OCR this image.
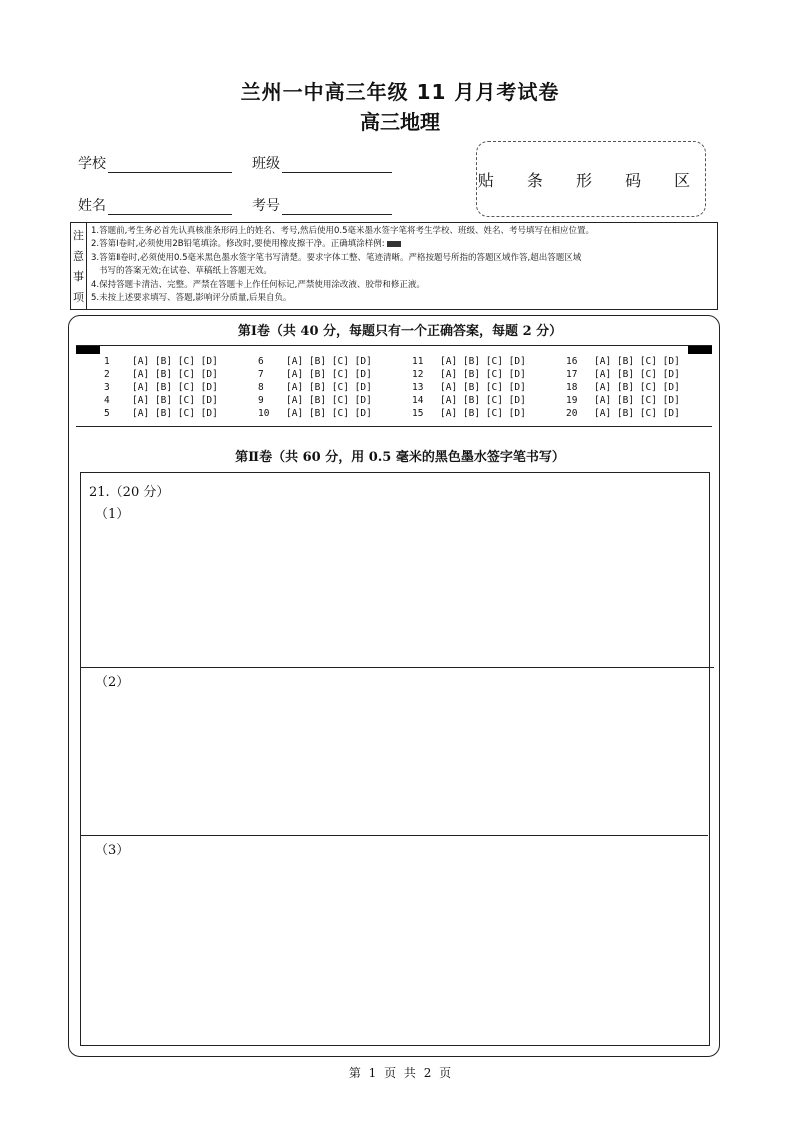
兰州一中高三年级 11 月月考试卷
高三地理
学校	班级
姓名	考号
贴 条 形 码 区
注
意
事
项
1.答题前,考生务必首先认真核准条形码上的姓名、考号,然后使用0.5毫米墨水签字笔将考生学校、班级、姓名、考号填写在相应位置。
2.答第Ⅰ卷时,必须使用2B铅笔填涂。修改时,要使用橡皮擦干净。正确填涂样例:
3.答第Ⅱ卷时,必须使用0.5毫米黑色墨水签字笔书写清楚。要求字体工整、笔迹清晰。严格按题号所指的答题区域作答,超出答题区域
书写的答案无效;在试卷、草稿纸上答题无效。
4.保持答题卡清洁、完整。严禁在答题卡上作任何标记,严禁使用涂改液、胶带和修正液。
5.未按上述要求填写、答题,影响评分质量,后果自负。
第Ⅰ卷（共 40 分，每题只有一个正确答案，每题 2 分）
1 [A] [B] [C] [D]	6 [A] [B] [C] [D]	11 [A] [B] [C] [D]	16 [A] [B] [C] [D]
2 [A] [B] [C] [D]	7 [A] [B] [C] [D]	12 [A] [B] [C] [D]	17 [A] [B] [C] [D]
3 [A] [B] [C] [D]	8 [A] [B] [C] [D]	13 [A] [B] [C] [D]	18 [A] [B] [C] [D]
4 [A] [B] [C] [D]	9 [A] [B] [C] [D]	14 [A] [B] [C] [D]	19 [A] [B] [C] [D]
5 [A] [B] [C] [D]	10 [A] [B] [C] [D]	15 [A] [B] [C] [D]	20 [A] [B] [C] [D]
第Ⅱ卷（共 60 分，用 0.5 毫米的黑色墨水签字笔书写）
21.（20 分）
（1）
（2）
（3）
第 1 页 共 2 页
